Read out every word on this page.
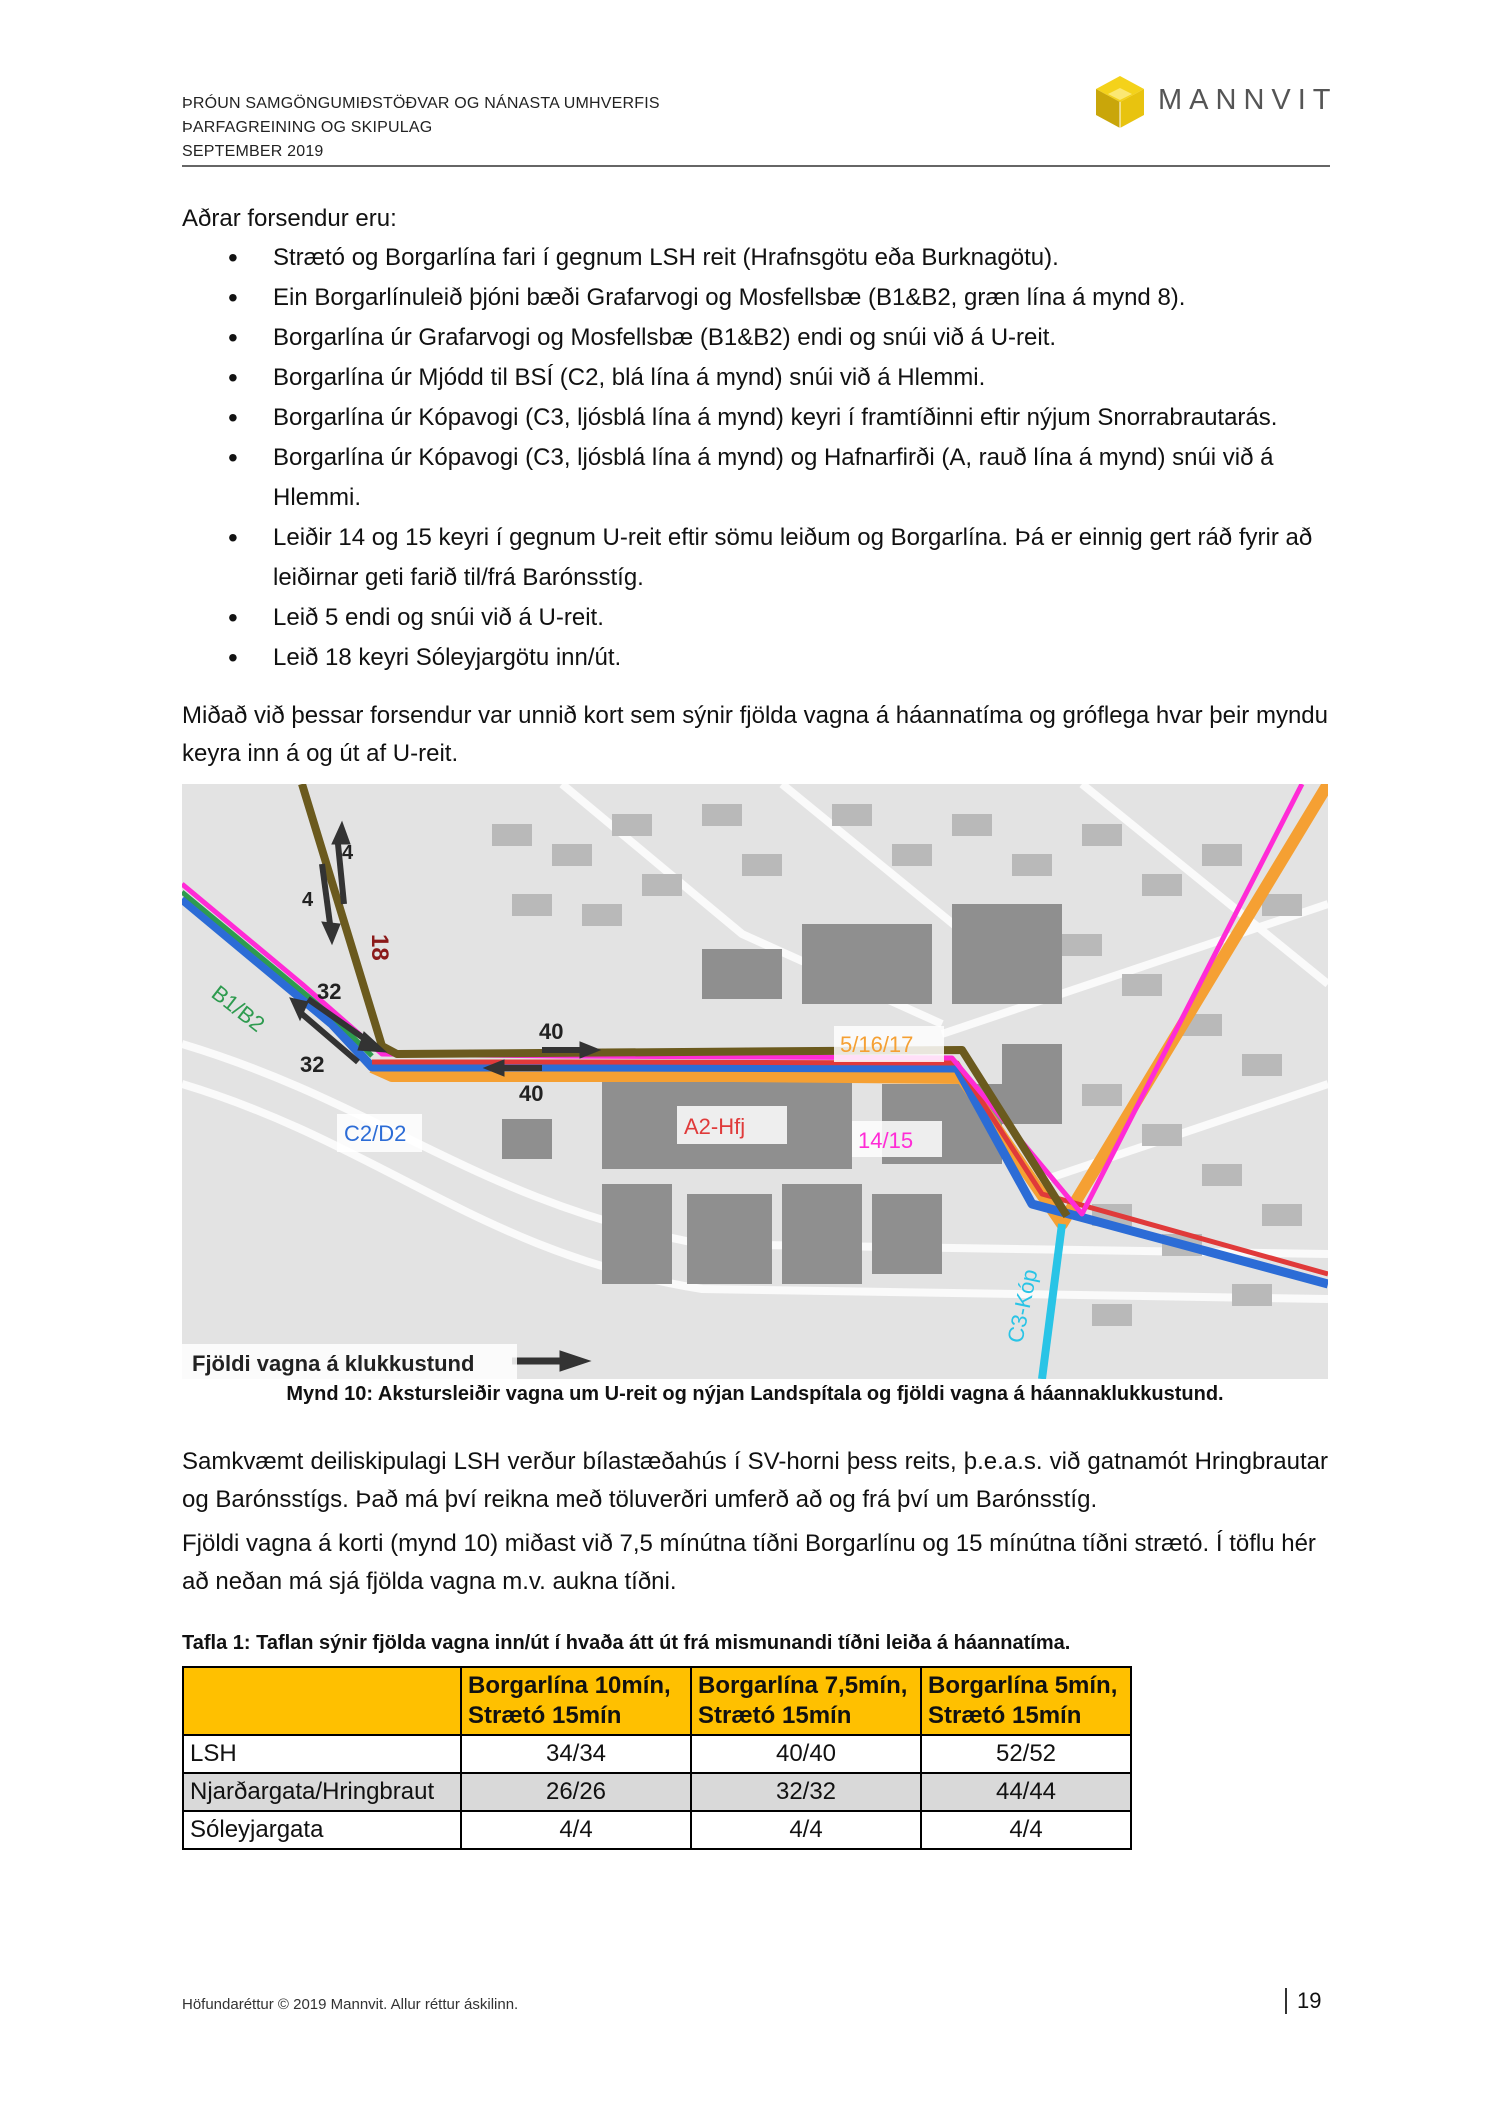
ÞRÓUN SAMGÖNGUMIÐSTÖÐVAR OG NÁNASTA UMHVERFIS
ÞARFAGREINING OG SKIPULAG
SEPTEMBER 2019
MANNVIT
Aðrar forsendur eru:
• Strætó og Borgarlína fari í gegnum LSH reit (Hrafnsgötu eða Burknagötu).
• Ein Borgarlínuleið þjóni bæði Grafarvogi og Mosfellsbæ (B1&B2, græn lína á mynd 8).
• Borgarlína úr Grafarvogi og Mosfellsbæ (B1&B2) endi og snúi við á U-reit.
• Borgarlína úr Mjódd til BSÍ (C2, blá lína á mynd) snúi við á Hlemmi.
• Borgarlína úr Kópavogi (C3, ljósblá lína á mynd) keyri í framtíðinni eftir nýjum Snorrabrautarás.
• Borgarlína úr Kópavogi (C3, ljósblá lína á mynd) og Hafnarfirði (A, rauð lína á mynd) snúi við á Hlemmi.
• Leiðir 14 og 15 keyri í gegnum U-reit eftir sömu leiðum og Borgarlína. Þá er einnig gert ráð fyrir að leiðirnar geti farið til/frá Barónsstíg.
• Leið 5 endi og snúi við á U-reit.
• Leið 18 keyri Sóleyjargötu inn/út.
Miðað við þessar forsendur var unnið kort sem sýnir fjölda vagna á háannatíma og gróflega hvar þeir myndu keyra inn á og út af U-reit.
4
4
32
32
40
40
18
B1/B2
C2/D2	A2-Hfj
5/16/17
14/15
C3-Kóp
Fjöldi vagna á klukkustund
Mynd 10: Akstursleiðir vagna um U-reit og nýjan Landspítala og fjöldi vagna á háannaklukkustund.
Samkvæmt deiliskipulagi LSH verður bílastæðahús í SV-horni þess reits, þ.e.a.s. við gatnamót Hringbrautar og Barónsstígs. Það má því reikna með töluverðri umferð að og frá því um Barónsstíg.
Fjöldi vagna á korti (mynd 10) miðast við 7,5 mínútna tíðni Borgarlínu og 15 mínútna tíðni strætó. Í töflu hér að neðan má sjá fjölda vagna m.v. aukna tíðni.
Tafla 1: Taflan sýnir fjölda vagna inn/út í hvaða átt út frá mismunandi tíðni leiða á háannatíma.
	Borgarlína 10mín, Strætó 15mín	Borgarlína 7,5mín, Strætó 15mín	Borgarlína 5mín, Strætó 15mín
LSH	34/34	40/40	52/52
Njarðargata/Hringbraut	26/26	32/32	44/44
Sóleyjargata	4/4	4/4	4/4
Höfundaréttur © 2019 Mannvit. Allur réttur áskilinn.	19
